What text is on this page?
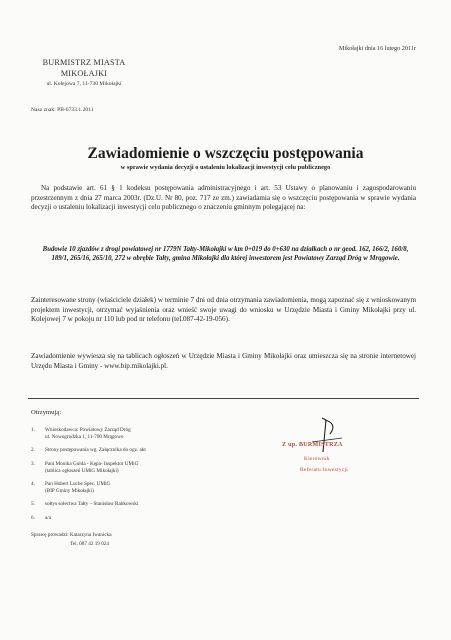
Mikołajki dnia 16 lutego 2011r
BURMISTRZ MIASTA
MIKOŁAJKI
ul. Kolejowa 7, 11-730 Mikołajki
Nasz znak: PB-6733.1.2011
Zawiadomienie o wszczęciu postępowania
w sprawie wydania decyzji o ustaleniu lokalizacji inwestycji celu publicznego
Na podstawie art. 61 § 1 kodeksu postępowania administracyjnego i art. 53 Ustawy o planowaniu i zagospodarowaniu przestrzennym z dnia 27 marca 2003r. (Dz.U. Nr 80, poz. 717 ze zm.) zawiadamia się o wszczęciu postępowania w sprawie wydania decyzji o ustaleniu lokalizacji inwestycji celu publicznego o znaczeniu gminnym polegającej na:
Budowie 10 zjazdów z drogi powiatowej nr 1779N Tałty-Mikołajki w km 0+019 do 0+630 na działkach o nr geod. 162, 166/2, 160/8, 189/1, 265/16, 265/10, 272 w obrębie Tałty, gmina Mikołajki dla której inwestorem jest Powiatowy Zarząd Dróg w Mrągowie.
Zainteresowane strony (właściciele działek) w terminie 7 dni od dnia otrzymania zawiadomienia, mogą zapoznać się z wnioskowanym projektem inwestycji, otrzymać wyjaśnienia oraz wnieść swoje uwagi do wniosku w Urzędzie Miasta i Gminy Mikołajki przy ul. Kolejowej 7 w pokoju nr 110 lub pod nr telefonu (tel.087-42-19-056).
Zawiadomienie wywiesza się na tablicach ogłoszeń w Urzędzie Miasta i Gminy Mikołajki oraz umieszcza się na stronie internetowej Urzędu Miasta i Gminy - www.bip.mikolajki.pl.
Otrzymują:
1.	Wnioskodawca: Powiatowy Zarząd Dróg
ul. Nowogrodzka 1, 11-700 Mrągowo
2.	Strony postępowania wg. Załącznika do ogz. akt
3.	Pani Monika Golda - Kępa- Inspektor UMiG
(tablica ogłoszeń UMiG Mikołajki)
4.	Pan Hubert Lucbe Spec. UMiG
(BIP Gminy Mikołajki)
5.	sołtys sołectwa Tałty – Stanisław Rabkowski
6.	a/a
Sprawę prowadzi: Katarzyna Iwanicka
Tel. 087 42 19 024
Z up. BURMISTRZA
Kierownik
Referatu Inwestycji
